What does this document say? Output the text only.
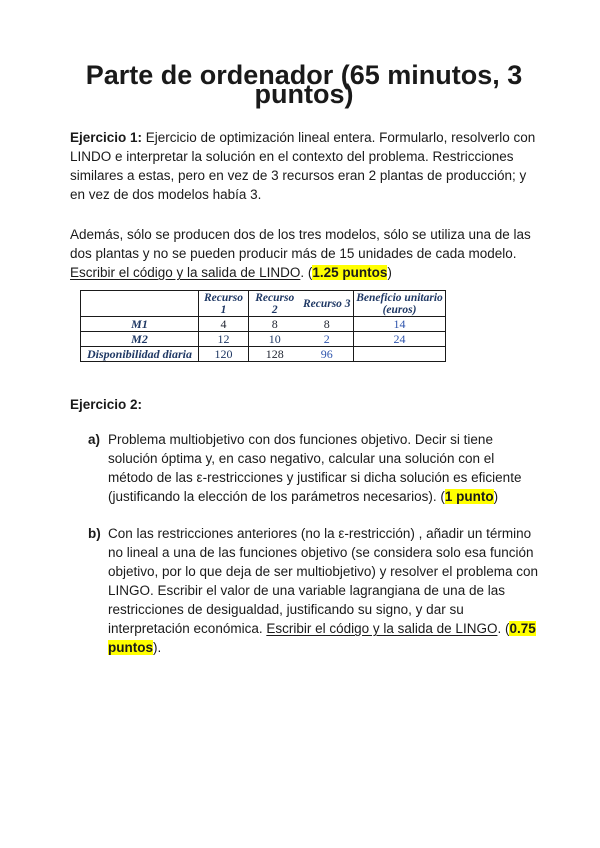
Parte de ordenador (65 minutos, 3 puntos)

Ejercicio 1: Ejercicio de optimización lineal entera. Formularlo, resolverlo con LINDO e interpretar la solución en el contexto del problema. Restricciones similares a estas, pero en vez de 3 recursos eran 2 plantas de producción; y en vez de dos modelos había 3.

Además, sólo se producen dos de los tres modelos, sólo se utiliza una de las dos plantas y no se pueden producir más de 15 unidades de cada modelo. Escribir el código y la salida de LINDO. (1.25 puntos)

	Recurso 1	Recurso 2	Recurso 3	Beneficio unitario (euros)
M1	4	8	8	14
M2	12	10	2	24
Disponibilidad diaria	120	128	96	

Ejercicio 2:

a) Problema multiobjetivo con dos funciones objetivo. Decir si tiene solución óptima y, en caso negativo, calcular una solución con el método de las ε-restricciones y justificar si dicha solución es eficiente (justificando la elección de los parámetros necesarios). (1 punto)
b) Con las restricciones anteriores (no la ε-restricción) , añadir un término no lineal a una de las funciones objetivo (se considera solo esa función objetivo, por lo que deja de ser multiobjetivo) y resolver el problema con LINGO. Escribir el valor de una variable lagrangiana de una de las restricciones de desigualdad, justificando su signo, y dar su interpretación económica. Escribir el código y la salida de LINGO. (0.75 puntos).
